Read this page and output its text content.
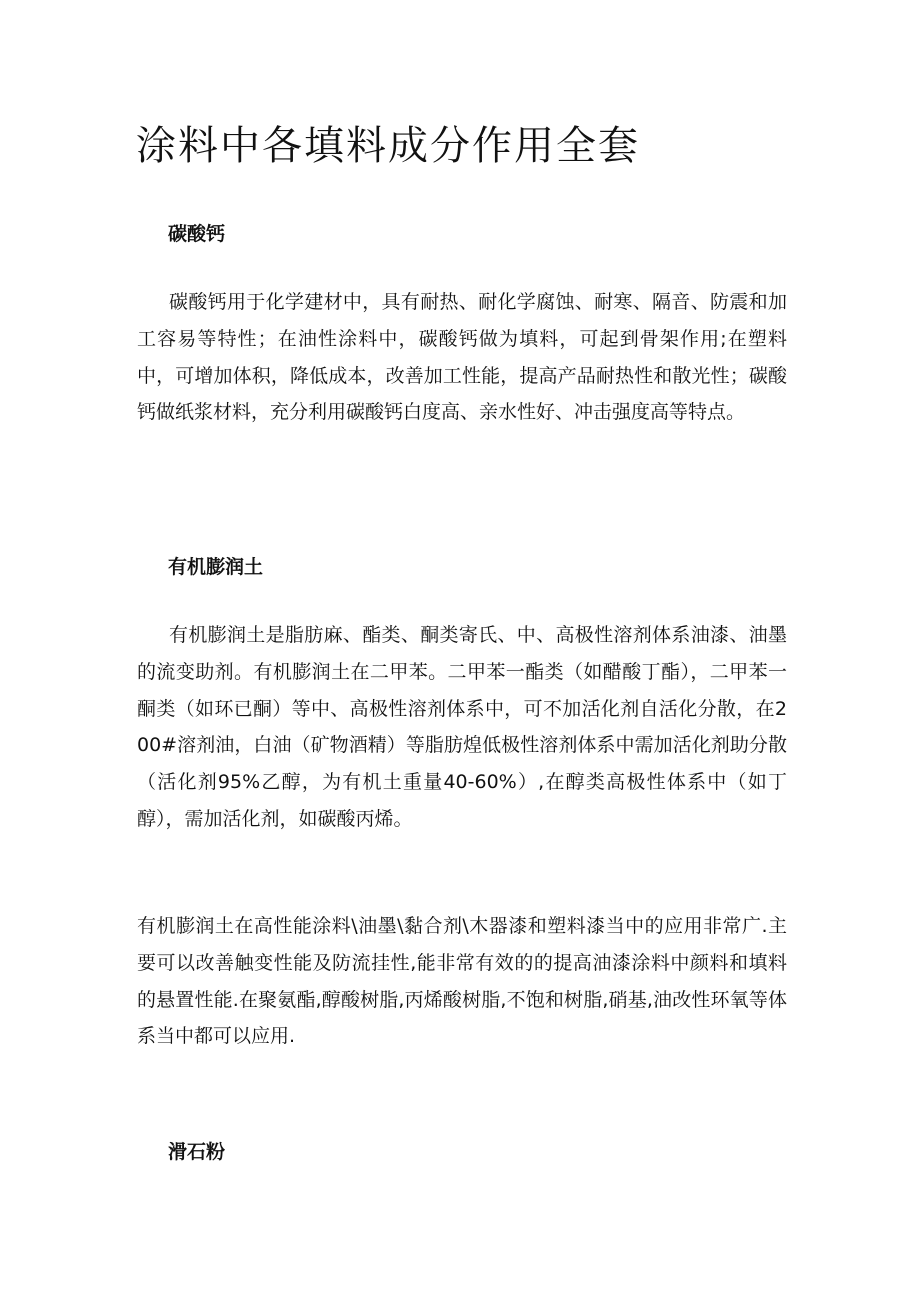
涂料中各填料成分作用全套
碳酸钙

碳酸钙用于化学建材中，具有耐热、耐化学腐蚀、耐寒、隔音、防震和加工容易等特性；在油性涂料中，碳酸钙做为填料，可起到骨架作用;在塑料中，可增加体积，降低成本，改善加工性能，提高产品耐热性和散光性；碳酸钙做纸浆材料，充分利用碳酸钙白度高、亲水性好、冲击强度高等特点。

有机膨润土

有机膨润土是脂肪麻、酯类、酮类寄氏、中、高极性溶剂体系油漆、油墨的流变助剂。有机膨润土在二甲苯。二甲苯一酯类（如醋酸丁酯），二甲苯一酮类（如环已酮）等中、高极性溶剂体系中，可不加活化剂自活化分散，在200#溶剂油，白油（矿物酒精）等脂肪煌低极性溶剂体系中需加活化剂助分散（活化剂95%乙醇，为有机土重量40-60%）,在醇类高极性体系中（如丁醇），需加活化剂，如碳酸丙烯。

有机膨润土在高性能涂料\油墨\黏合剂\木器漆和塑料漆当中的应用非常广.主要可以改善触变性能及防流挂性,能非常有效的的提高油漆涂料中颜料和填料的悬置性能.在聚氨酯,醇酸树脂,丙烯酸树脂,不饱和树脂,硝基,油改性环氧等体系当中都可以应用.

滑石粉
